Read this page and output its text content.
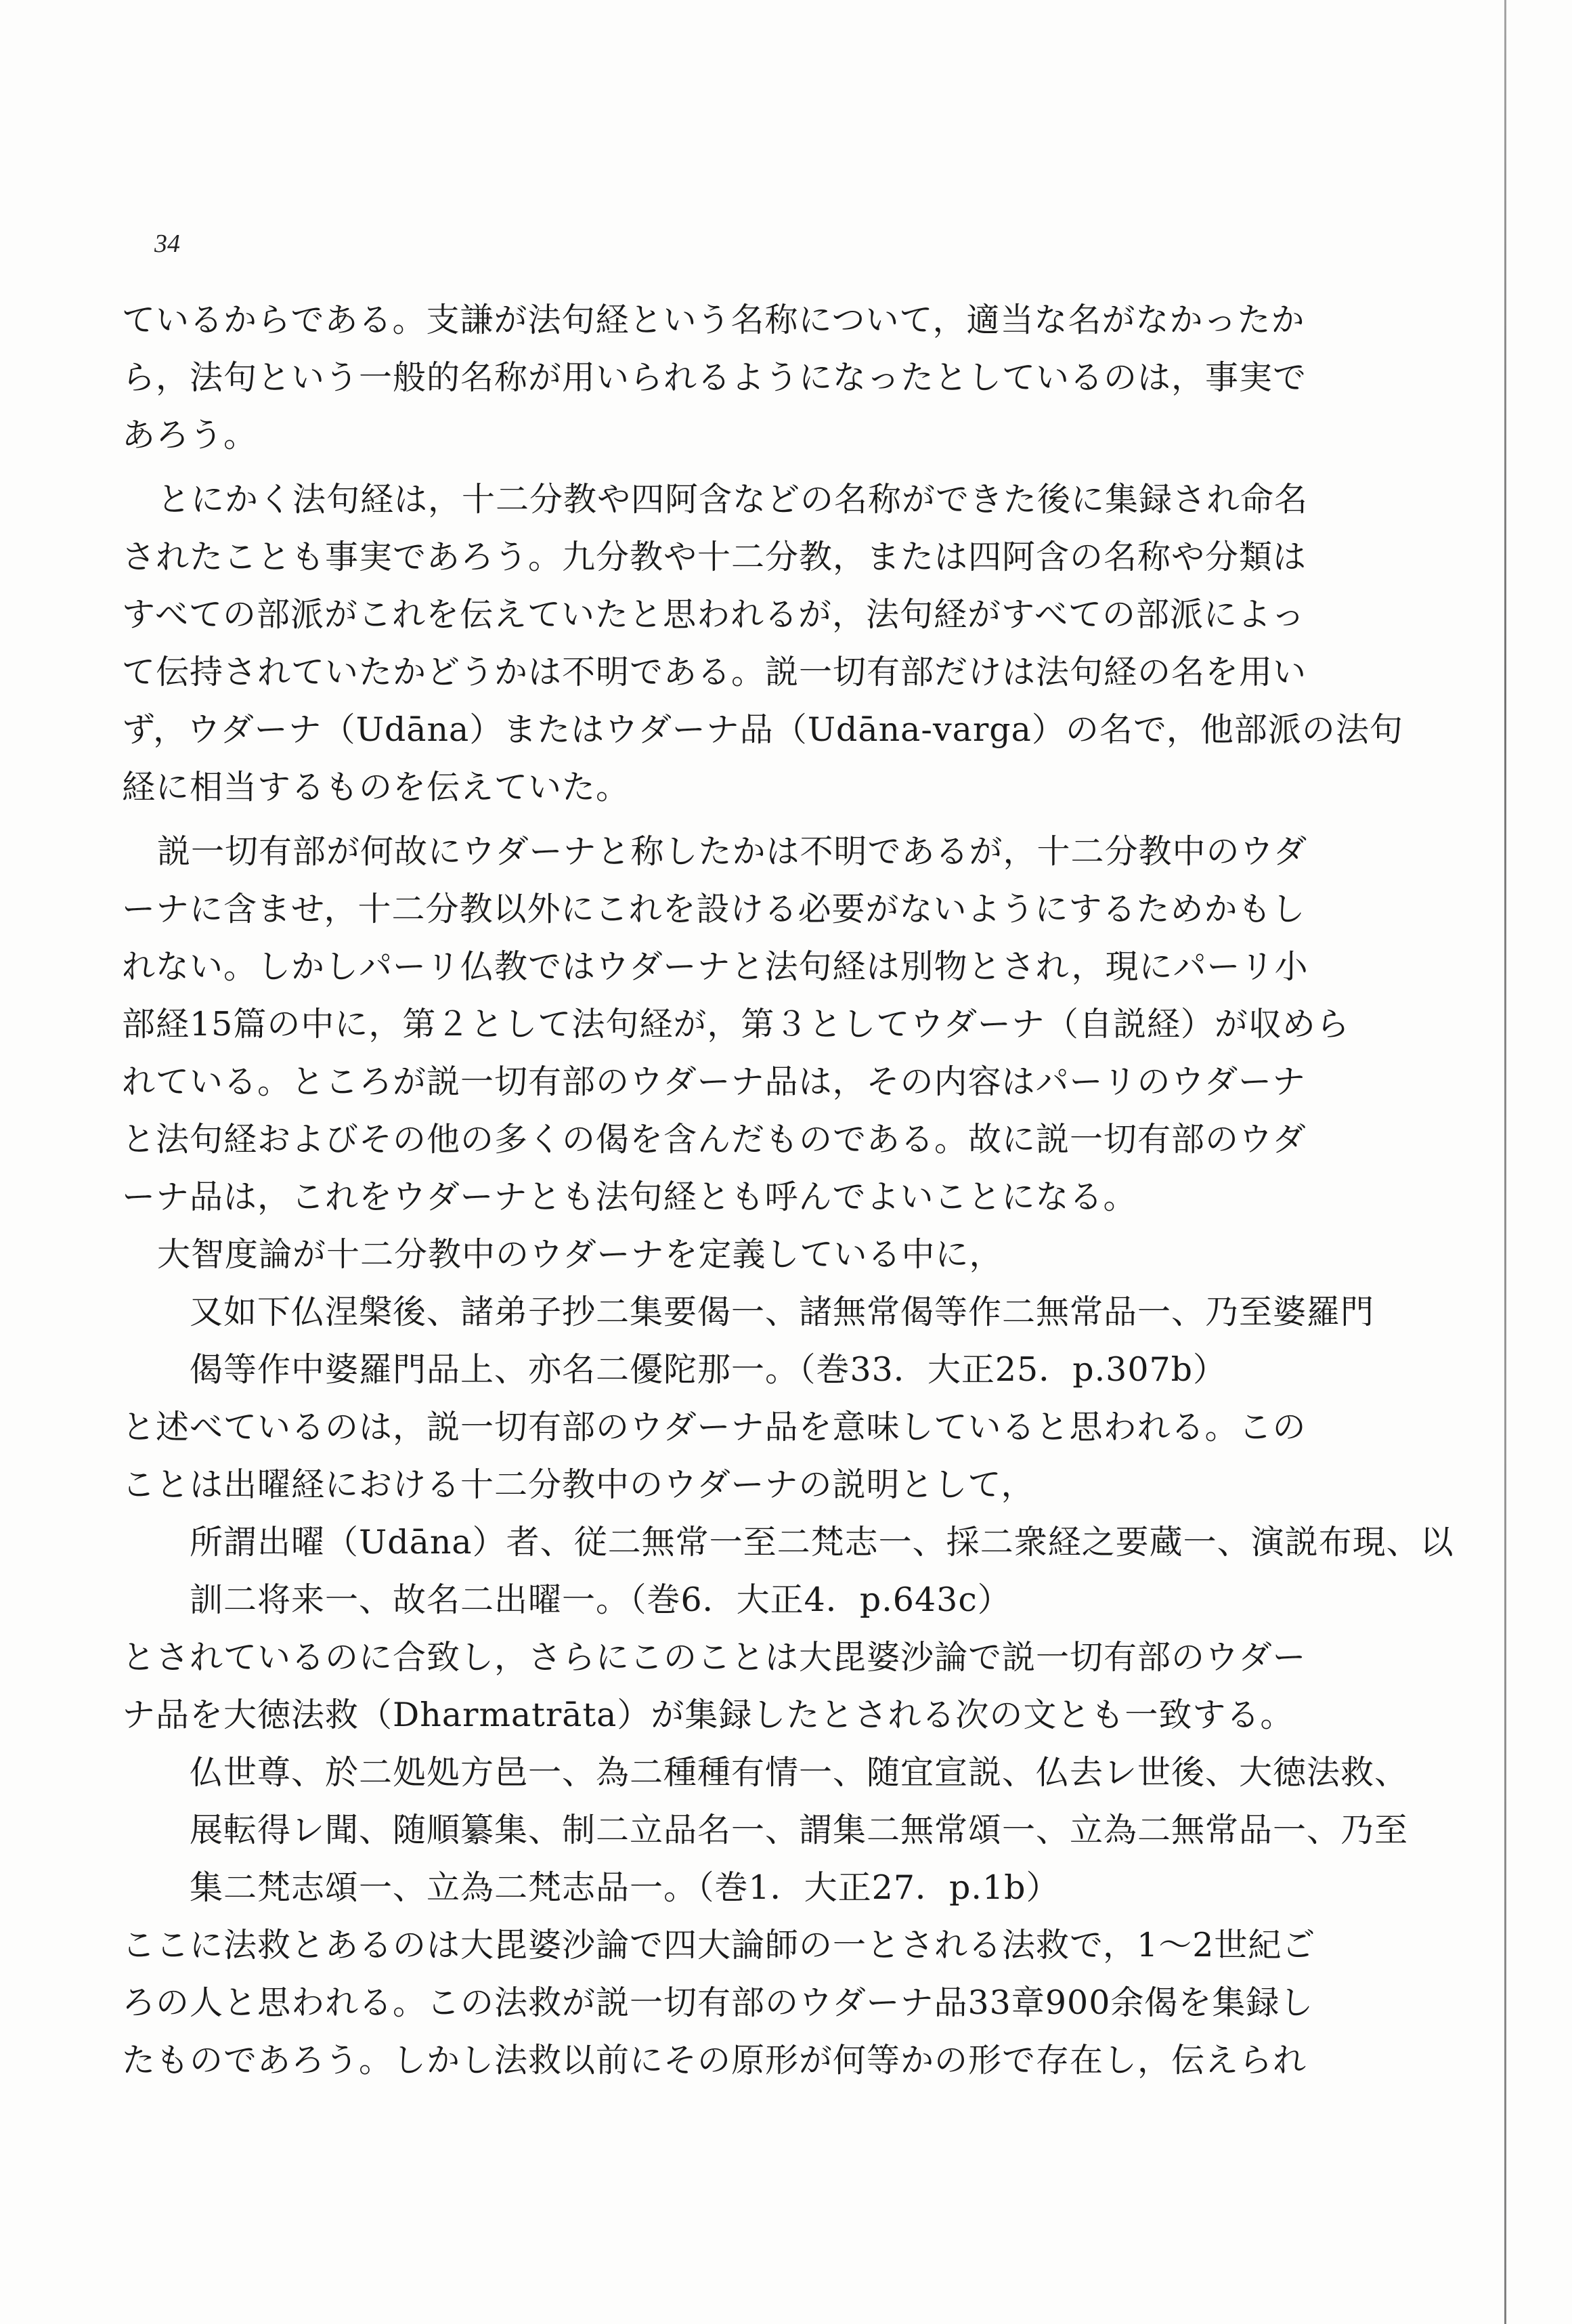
34
ているからである。支謙が法句経という名称について，適当な名がなかったか
ら，法句という一般的名称が用いられるようになったとしているのは，事実で
あろう。
とにかく法句経は，十二分教や四阿含などの名称ができた後に集録され命名
されたことも事実であろう。九分教や十二分教，または四阿含の名称や分類は
すべての部派がこれを伝えていたと思われるが，法句経がすべての部派によっ
て伝持されていたかどうかは不明である。説一切有部だけは法句経の名を用い
ず，ウダーナ（Udāna）またはウダーナ品（Udāna-varga）の名で，他部派の法句
経に相当するものを伝えていた。
説一切有部が何故にウダーナと称したかは不明であるが，十二分教中のウダ
ーナに含ませ，十二分教以外にこれを設ける必要がないようにするためかもし
れない。しかしパーリ仏教ではウダーナと法句経は別物とされ，現にパーリ小
部経15篇の中に，第２として法句経が，第３としてウダーナ（自説経）が収めら
れている。ところが説一切有部のウダーナ品は，その内容はパーリのウダーナ
と法句経およびその他の多くの偈を含んだものである。故に説一切有部のウダ
ーナ品は，これをウダーナとも法句経とも呼んでよいことになる。
大智度論が十二分教中のウダーナを定義している中に，
又如下仏涅槃後、諸弟子抄二集要偈一、諸無常偈等作二無常品一、乃至婆羅門
偈等作中婆羅門品上、亦名二優陀那一。（巻33．大正25．p.307b）
と述べているのは，説一切有部のウダーナ品を意味していると思われる。この
ことは出曜経における十二分教中のウダーナの説明として，
所謂出曜（Udāna）者、従二無常一至二梵志一、採二衆経之要蔵一、演説布現、以
訓二将来一、故名二出曜一。（巻6．大正4．p.643c）
とされているのに合致し，さらにこのことは大毘婆沙論で説一切有部のウダー
ナ品を大徳法救（Dharmatrāta）が集録したとされる次の文とも一致する。
仏世尊、於二処処方邑一、為二種種有情一、随宜宣説、仏去レ世後、大徳法救、
展転得レ聞、随順纂集、制二立品名一、謂集二無常頌一、立為二無常品一、乃至
集二梵志頌一、立為二梵志品一。（巻1．大正27．p.1b）
ここに法救とあるのは大毘婆沙論で四大論師の一とされる法救で，1〜2世紀ご
ろの人と思われる。この法救が説一切有部のウダーナ品33章900余偈を集録し
たものであろう。しかし法救以前にその原形が何等かの形で存在し，伝えられ
